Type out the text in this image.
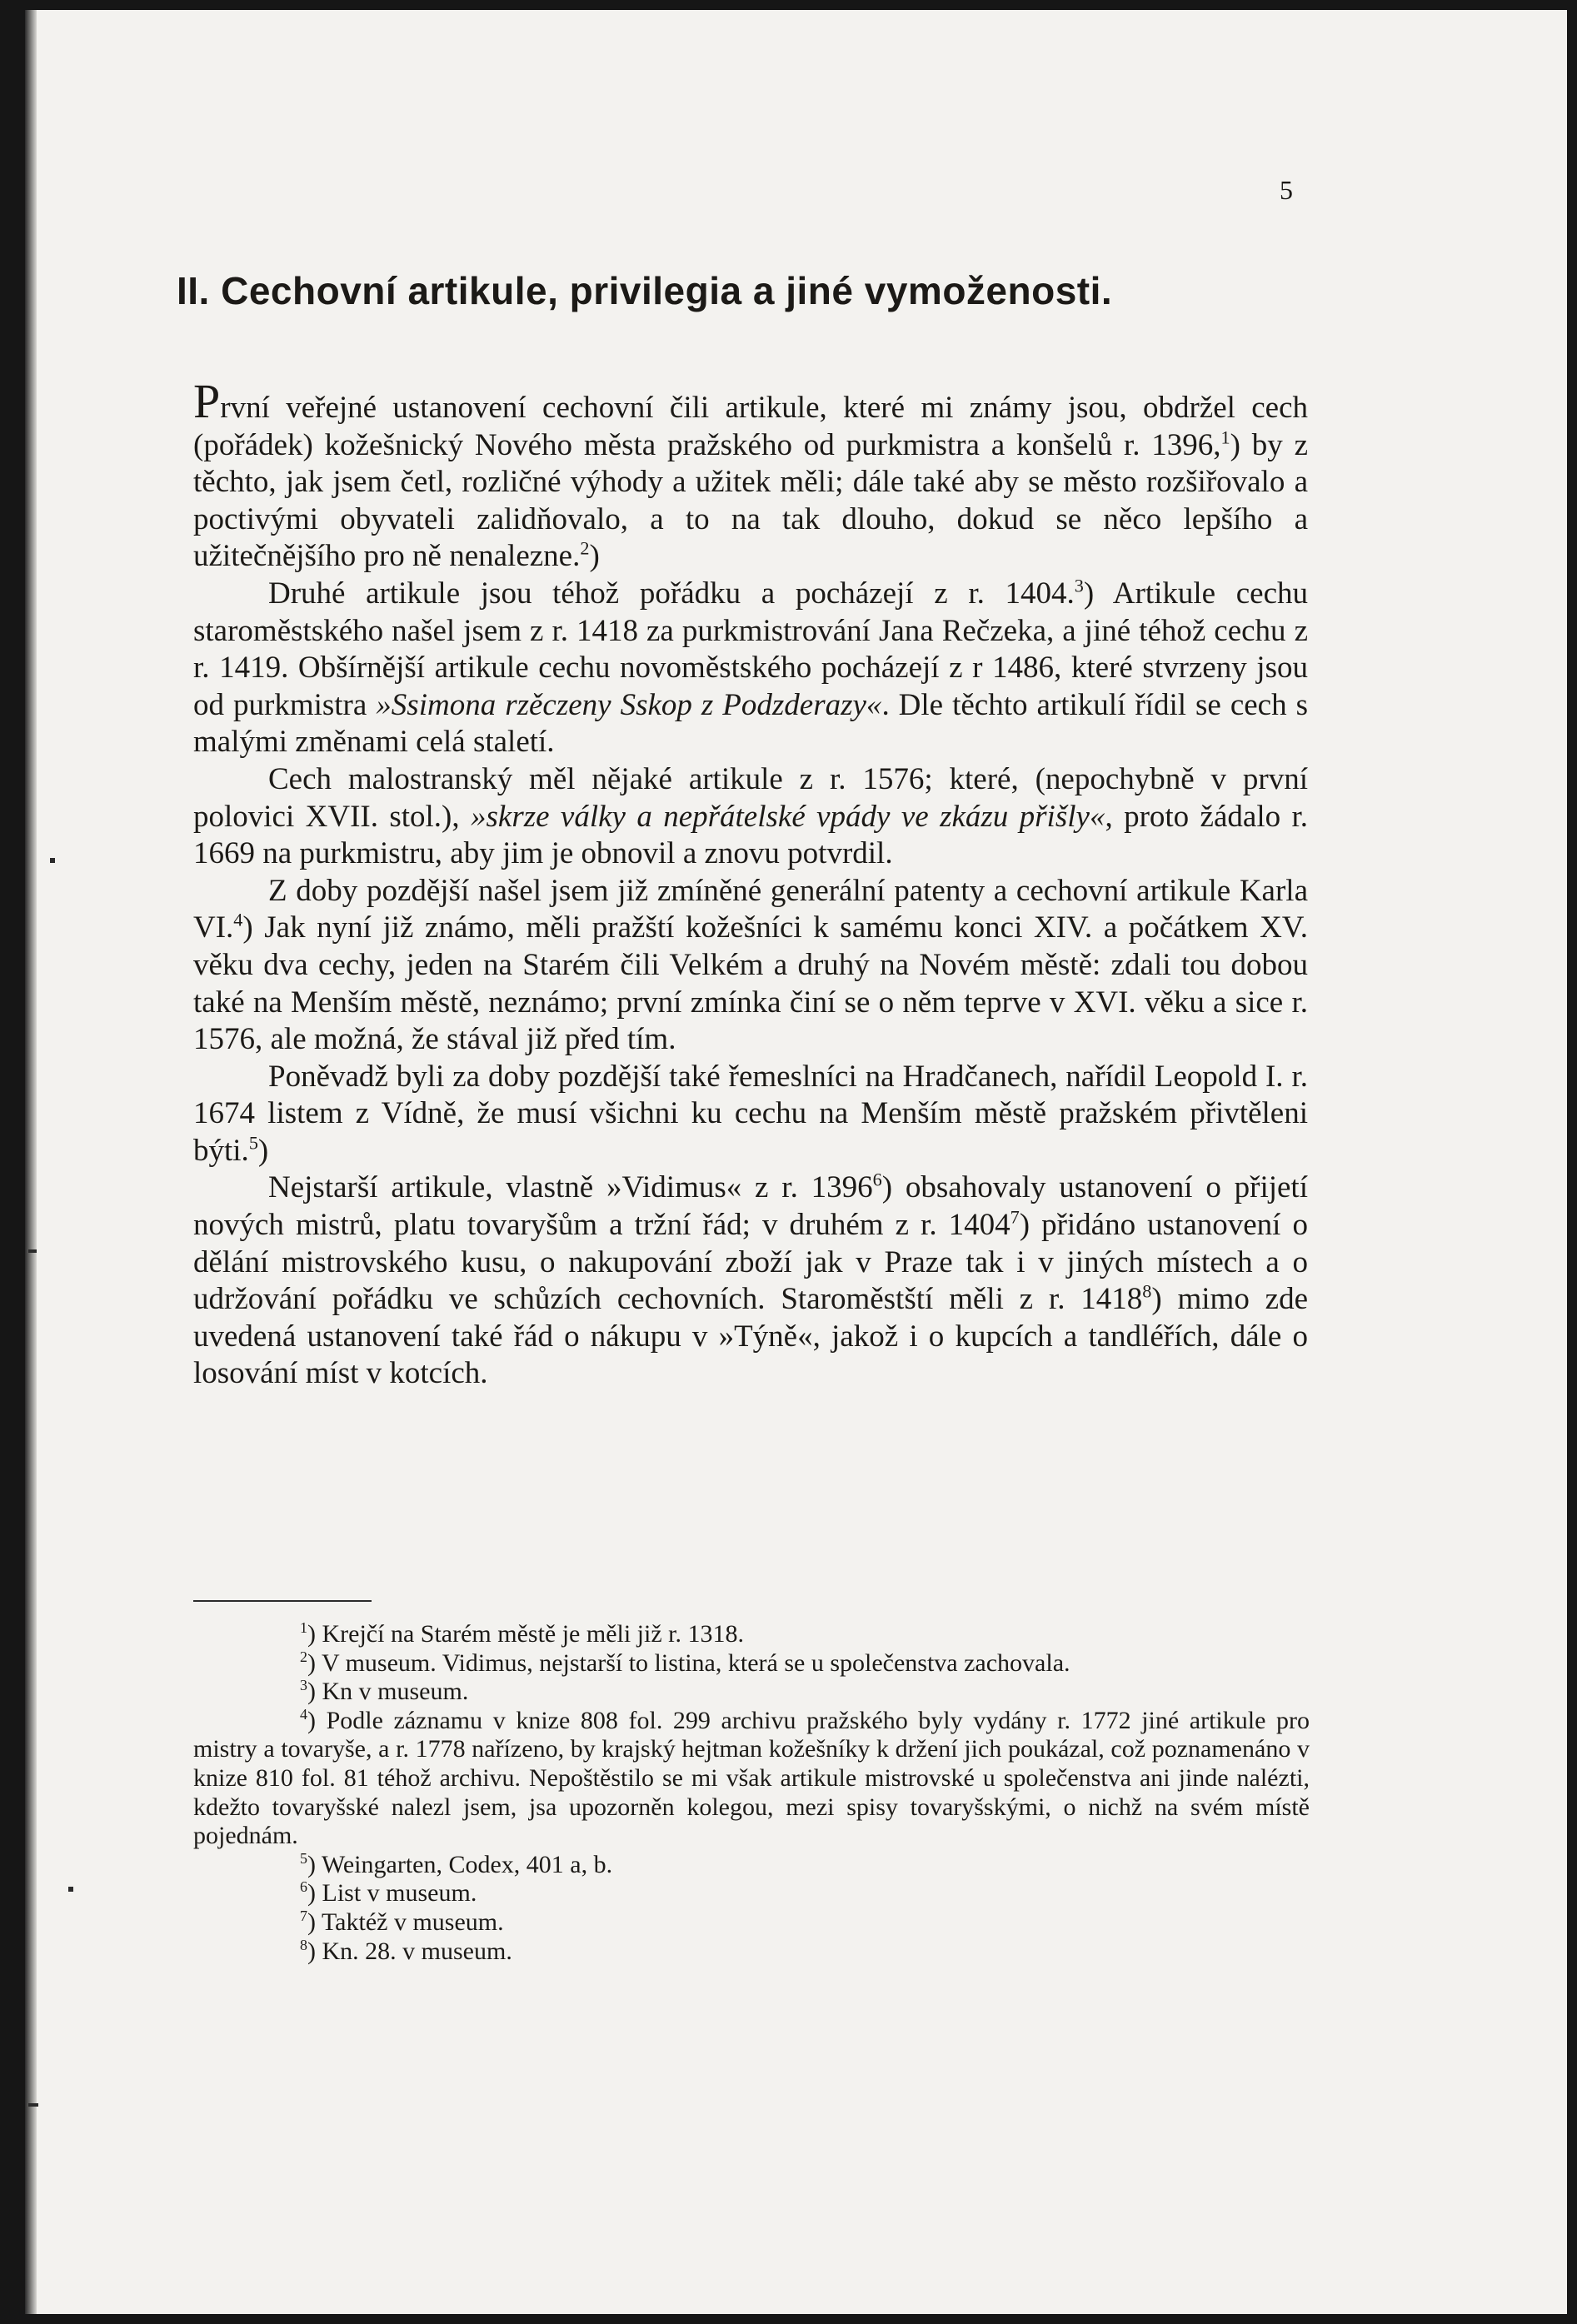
5
II. Cechovní artikule, privilegia a jiné vymoženosti.

První veřejné ustanovení cechovní čili artikule, které mi známy jsou, obdržel cech (pořádek) kožešnický Nového města pražského od purkmistra a konšelů r. 1396,$^1$) by z těchto, jak jsem četl, rozličné výhody a užitek měli; dále také aby se město rozšiřovalo a poctivými obyvateli zalidňovalo, a to na tak dlouho, dokud se něco lepšího a užitečnějšího pro ně nenalezne.$^2$)

Druhé artikule jsou téhož pořádku a pocházejí z r. 1404.$^3$) Artikule cechu staroměstského našel jsem z r. 1418 za purkmistrování Jana Rečzeka, a jiné téhož cechu z r. 1419. Obšírnější artikule cechu novoměstského pocházejí z r 1486, které stvrzeny jsou od purkmistra »Ssimona rzěczeny Sskop z Podzderazy«. Dle těchto artikulí řídil se cech s malými změnami celá staletí.

Cech malostranský měl nějaké artikule z r. 1576; které, (nepochybně v první polovici XVII. stol.), »skrze války a nepřátelské vpády ve zkázu přišly«, proto žádalo r. 1669 na purkmistru, aby jim je obnovil a znovu potvrdil.

Z doby pozdější našel jsem již zmíněné generální patenty a cechovní artikule Karla VI.$^4$) Jak nyní již známo, měli pražští kožešníci k samému konci XIV. a počátkem XV. věku dva cechy, jeden na Starém čili Velkém a druhý na Novém městě: zdali tou dobou také na Menším městě, neznámo; první zmínka činí se o něm teprve v XVI. věku a sice r. 1576, ale možná, že stával již před tím.

Poněvadž byli za doby pozdější také řemeslníci na Hradčanech, nařídil Leopold I. r. 1674 listem z Vídně, že musí všichni ku cechu na Menším městě pražském přivtěleni býti.$^5$)

Nejstarší artikule, vlastně »Vidimus« z r. 1396$^6$) obsahovaly ustanovení o přijetí nových mistrů, platu tovaryšům a tržní řád; v druhém z r. 1404$^7$) přidáno ustanovení o dělání mistrovského kusu, o nakupování zboží jak v Praze tak i v jiných místech a o udržování pořádku ve schůzích cechovních. Staroměstští měli z r. 1418$^8$) mimo zde uvedená ustanovení také řád o nákupu v »Týně«, jakož i o kupcích a tandléřích, dále o losování míst v kotcích.

$^1$) Krejčí na Starém městě je měli již r. 1318.

$^2$) V museum. Vidimus, nejstarší to listina, která se u společenstva zachovala.

$^3$) Kn v museum.

$^4$) Podle záznamu v knize 808 fol. 299 archivu pražského byly vydány r. 1772 jiné artikule pro mistry a tovaryše, a r. 1778 nařízeno, by krajský hejtman kožešníky k držení jich poukázal, což poznamenáno v knize 810 fol. 81 téhož archivu. Nepoštěstilo se mi však artikule mistrovské u společenstva ani jinde nalézti, kdežto tovaryšské nalezl jsem, jsa upozorněn kolegou, mezi spisy tovaryšskými, o nichž na svém místě pojednám.

$^5$) Weingarten, Codex, 401 a, b.

$^6$) List v museum.

$^7$) Taktéž v museum.

$^8$) Kn. 28. v museum.
